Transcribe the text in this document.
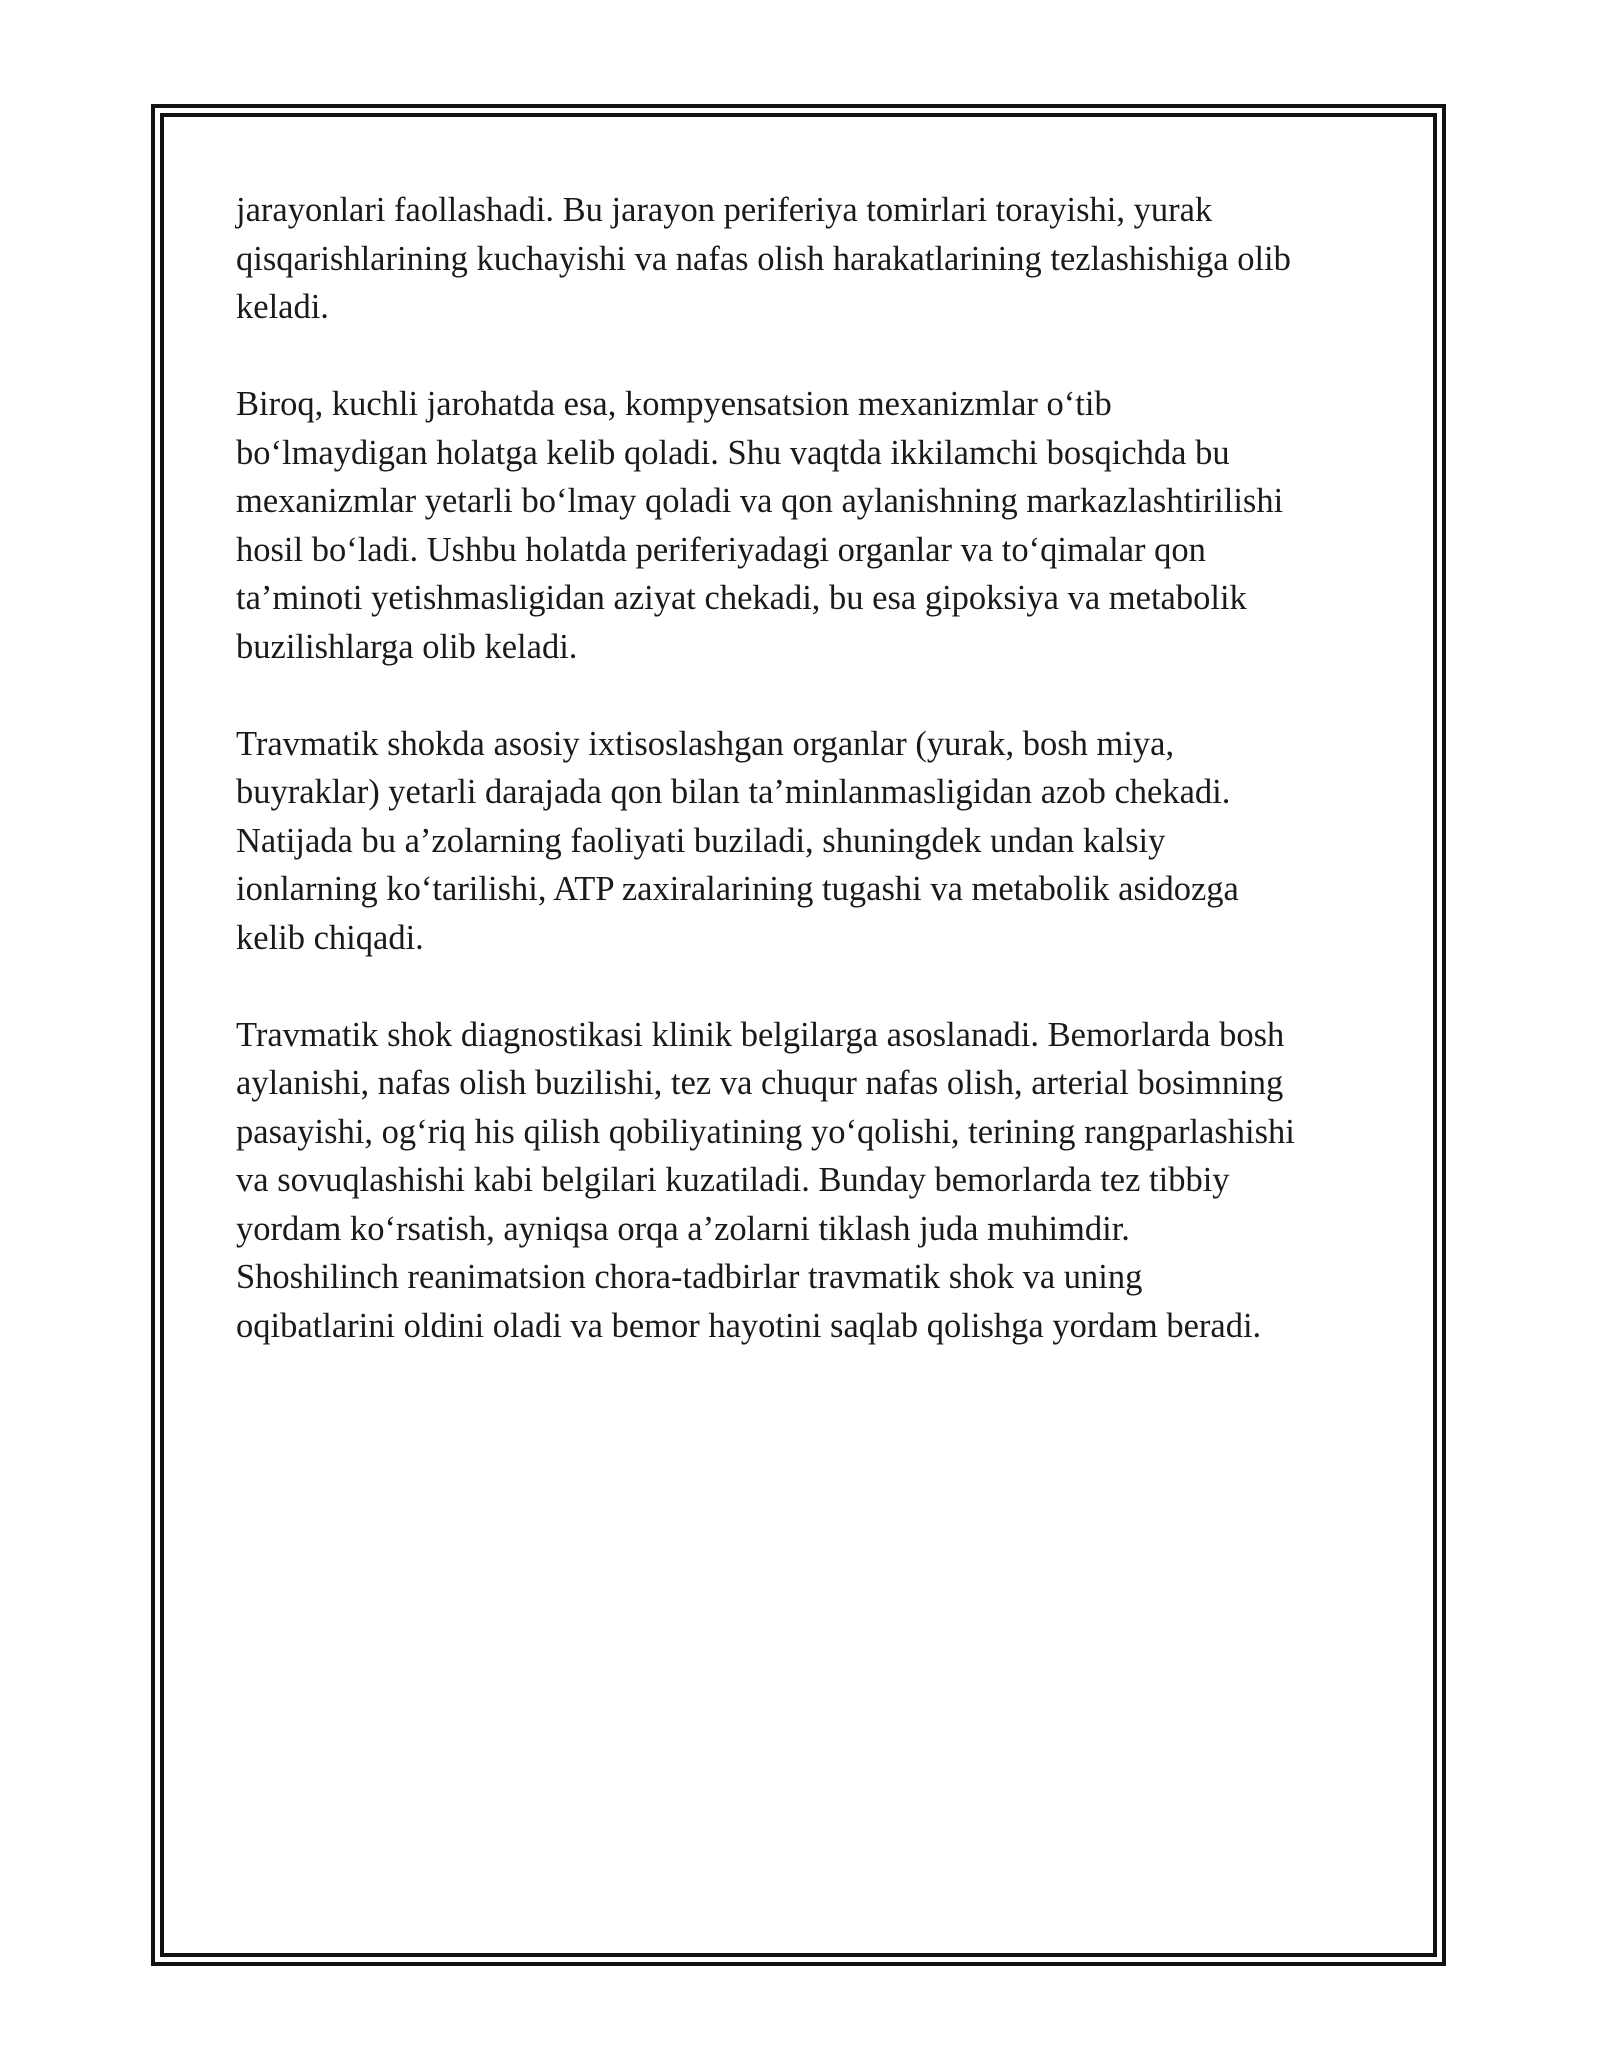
jarayonlari faollashadi. Bu jarayon periferiya tomirlari torayishi, yurak
qisqarishlarining kuchayishi va nafas olish harakatlarining tezlashishiga olib
keladi.

Biroq, kuchli jarohatda esa, kompyensatsion mexanizmlar o‘tib
bo‘lmaydigan holatga kelib qoladi. Shu vaqtda ikkilamchi bosqichda bu
mexanizmlar yetarli bo‘lmay qoladi va qon aylanishning markazlashtirilishi
hosil bo‘ladi. Ushbu holatda periferiyadagi organlar va to‘qimalar qon
ta’minoti yetishmasligidan aziyat chekadi, bu esa gipoksiya va metabolik
buzilishlarga olib keladi.

Travmatik shokda asosiy ixtisoslashgan organlar (yurak, bosh miya,
buyraklar) yetarli darajada qon bilan ta’minlanmasligidan azob chekadi.
Natijada bu a’zolarning faoliyati buziladi, shuningdek undan kalsiy
ionlarning ko‘tarilishi, ATP zaxiralarining tugashi va metabolik asidozga
kelib chiqadi.

Travmatik shok diagnostikasi klinik belgilarga asoslanadi. Bemorlarda bosh
aylanishi, nafas olish buzilishi, tez va chuqur nafas olish, arterial bosimning
pasayishi, og‘riq his qilish qobiliyatining yo‘qolishi, terining rangparlashishi
va sovuqlashishi kabi belgilari kuzatiladi. Bunday bemorlarda tez tibbiy
yordam ko‘rsatish, ayniqsa orqa a’zolarni tiklash juda muhimdir.
Shoshilinch reanimatsion chora-tadbirlar travmatik shok va uning
oqibatlarini oldini oladi va bemor hayotini saqlab qolishga yordam beradi.
